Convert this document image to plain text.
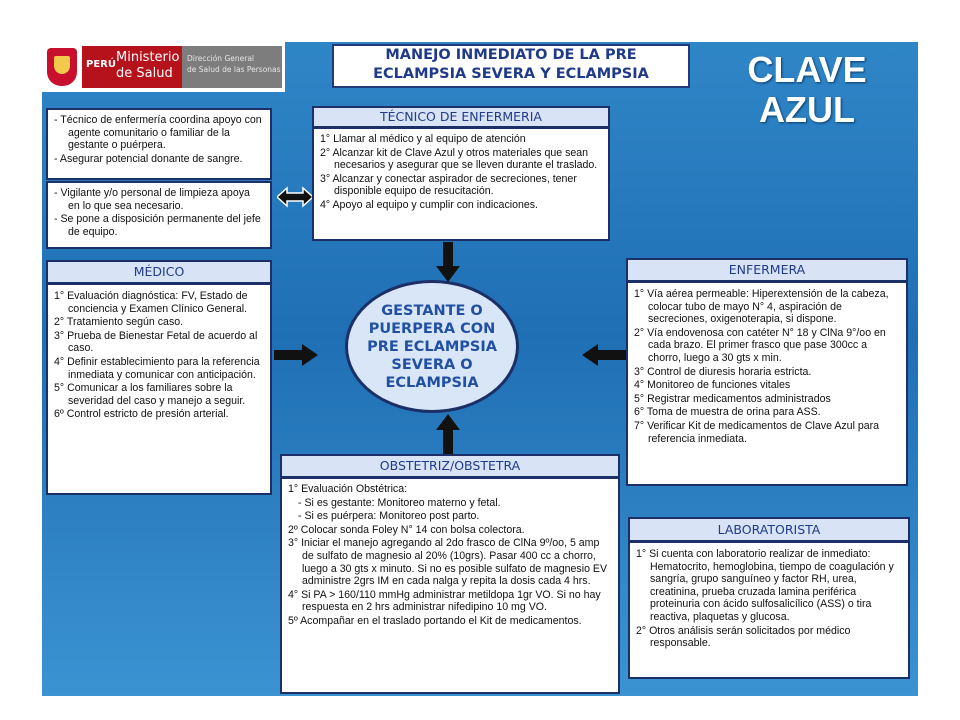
PERÚ Ministerio
de Salud
Dirección General
de Salud de las Personas
MANEJO INMEDIATO DE LA PRE
ECLAMPSIA SEVERA Y ECLAMPSIA	CLAVE
AZUL
- Técnico de enfermería coordina apoyo con agente comunitario o familiar de la gestante o puérpera.
- Asegurar potencial donante de sangre.
- Vigilante y/o personal de limpieza apoya en lo que sea necesario.
- Se pone a disposición permanente del jefe de equipo.
TÉCNICO DE ENFERMERIA
1° Llamar al médico y al equipo de atención
2° Alcanzar kit de Clave Azul y otros materiales que sean necesarios y asegurar que se lleven durante el traslado.
3° Alcanzar y conectar aspirador de secreciones, tener disponible equipo de resucitación.
4° Apoyo al equipo y cumplir con indicaciones.
MÉDICO
1° Evaluación diagnóstica: FV, Estado de conciencia y Examen Clínico General.
2° Tratamiento según caso.
3° Prueba de Bienestar Fetal de acuerdo al caso.
4° Definir establecimiento para la referencia inmediata y comunicar con anticipación.
5° Comunicar a los familiares sobre la severidad del caso y manejo a seguir.
6º Control estricto de presión arterial.
GESTANTE O
PUERPERA CON
PRE ECLAMPSIA
SEVERA O
ECLAMPSIA
ENFERMERA
1° Vía aérea permeable: Hiperextensión de la cabeza, colocar tubo de mayo N° 4, aspiración de secreciones, oxigenoterapia, si dispone.
2° Vía endovenosa con catéter N° 18 y ClNa 9°/oo en cada brazo. El primer frasco que pase 300cc a chorro, luego a 30 gts x min.
3° Control de diuresis horaria estricta.
4° Monitoreo de funciones vitales
5° Registrar medicamentos administrados
6° Toma de muestra de orina para ASS.
7° Verificar Kit de medicamentos de Clave Azul para referencia inmediata.
OBSTETRIZ/OBSTETRA
1° Evaluación Obstétrica:
- Si es gestante: Monitoreo materno y fetal.
- Si es puérpera: Monitoreo post parto.
2º Colocar sonda Foley N° 14 con bolsa colectora.
3° Iniciar el manejo agregando al 2do frasco de ClNa 9º/oo, 5 amp de sulfato de magnesio al 20% (10grs). Pasar 400 cc a chorro, luego a 30 gts x minuto. Si no es posible sulfato de magnesio EV administre 2grs IM en cada nalga y repita la dosis cada 4 hrs.
4° Si PA > 160/110 mmHg administrar metildopa 1gr VO. Si no hay respuesta en 2 hrs administrar nifedipino 10 mg VO.
5º Acompañar en el traslado portando el Kit de medicamentos.
LABORATORISTA
1° Si cuenta con laboratorio realizar de inmediato: Hematocrito, hemoglobina, tiempo de coagulación y sangría, grupo sanguíneo y factor RH, urea, creatinina, prueba cruzada lamina periférica proteinuria con ácido sulfosalicílico (ASS) o tira reactiva, plaquetas y glucosa.
2° Otros análisis serán solicitados por médico responsable.
